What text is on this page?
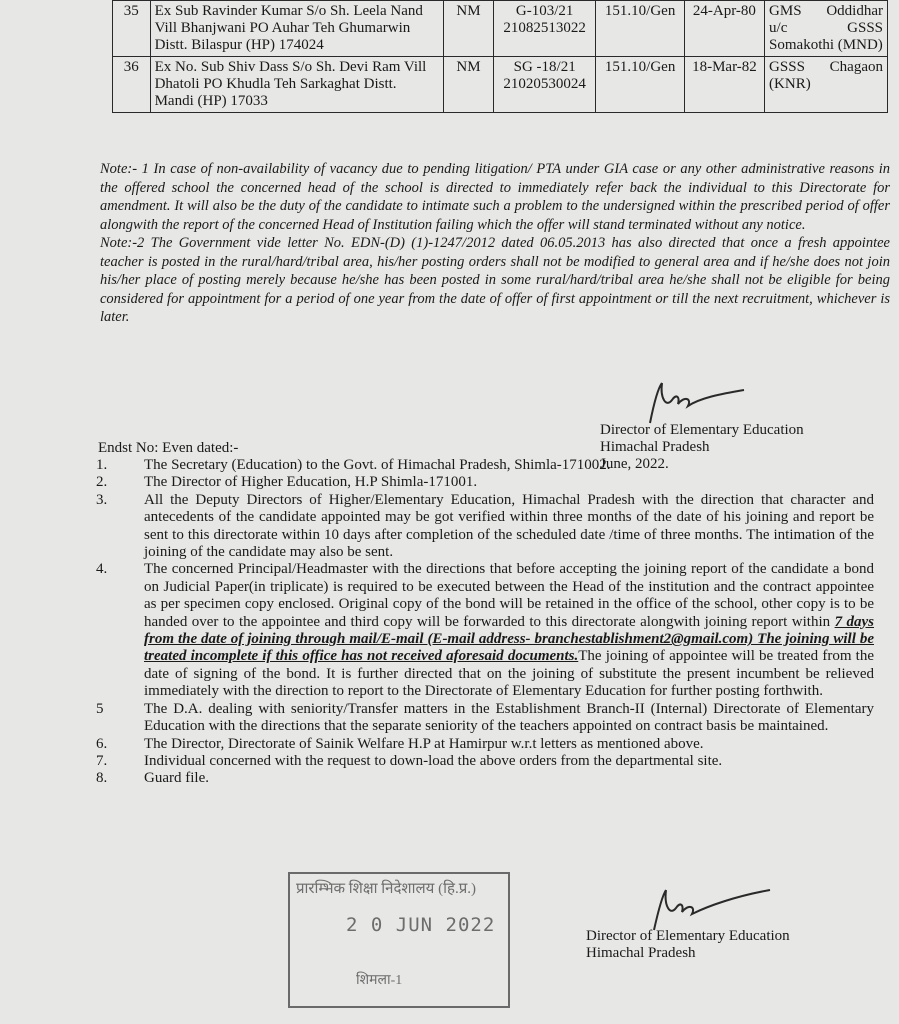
35	Ex Sub Ravinder Kumar S/o Sh. Leela Nand Vill Bhanjwani PO Auhar Teh Ghumarwin Distt. Bilaspur (HP) 174024	NM	G-103/21 21082513022	151.10/Gen	24-Apr-80	GMS Oddidhar
u/c GSSS
Somakothi (MND)

36	Ex No. Sub Shiv Dass S/o Sh. Devi Ram Vill Dhatoli PO Khudla Teh Sarkaghat Distt. Mandi (HP) 17033	NM	SG -18/21 21020530024	151.10/Gen	18-Mar-82	GSSS Chagaon
(KNR)

Note:- 1 In case of non-availability of vacancy due to pending litigation/ PTA under GIA case or any other administrative reasons in the offered school the concerned head of the school is directed to immediately refer back the individual to this Directorate for amendment. It will also be the duty of the candidate to intimate such a problem to the undersigned within the prescribed period of offer alongwith the report of the concerned Head of Institution failing which the offer will stand terminated without any notice.

Note:-2 The Government vide letter No. EDN-(D) (1)-1247/2012 dated 06.05.2013 has also directed that once a fresh appointee teacher is posted in the rural/hard/tribal area, his/her posting orders shall not be modified to general area and if he/she does not join his/her place of posting merely because he/she has been posted in some rural/hard/tribal area he/she shall not be eligible for being considered for appointment for a period of one year from the date of offer of first appointment or till the next recruitment, whichever is later.

Director of Elementary Education
Himachal Pradesh
June, 2022.
Endst No: Even dated:-
1.	The Secretary (Education) to the Govt. of Himachal Pradesh, Shimla-171002.
2.	The Director of Higher Education, H.P Shimla-171001.
3.	All the Deputy Directors of Higher/Elementary Education, Himachal Pradesh with the direction that character and antecedents of the candidate appointed may be got verified within three months of the date of his joining and report be sent to this directorate within 10 days after completion of the scheduled date /time of three months. The intimation of the joining of the candidate may also be sent.
4.	The concerned Principal/Headmaster with the directions that before accepting the joining report of the candidate a bond on Judicial Paper(in triplicate) is required to be executed between the Head of the institution and the contract appointee as per specimen copy enclosed. Original copy of the bond will be retained in the office of the school, other copy is to be handed over to the appointee and third copy will be forwarded to this directorate alongwith joining report within 7 days from the date of joining through mail/E-mail (E-mail address- branchestablishment2@gmail.com) The joining will be treated incomplete if this office has not received aforesaid documents.The joining of appointee will be treated from the date of signing of the bond. It is further directed that on the joining of substitute the present incumbent be relieved immediately with the direction to report to the Directorate of Elementary Education for further posting forthwith.
5	The D.A. dealing with seniority/Transfer matters in the Establishment Branch-II (Internal) Directorate of Elementary Education with the directions that the separate seniority of the teachers appointed on contract basis be maintained.
6.	The Director, Directorate of Sainik Welfare H.P at Hamirpur w.r.t letters as mentioned above.
7.	Individual concerned with the request to down-load the above orders from the departmental site.
8.	Guard file.
प्रारम्भिक शिक्षा निदेशालय (हि.प्र.)
2 0 JUN 2022
शिमला-1
Director of Elementary Education
Himachal Pradesh
